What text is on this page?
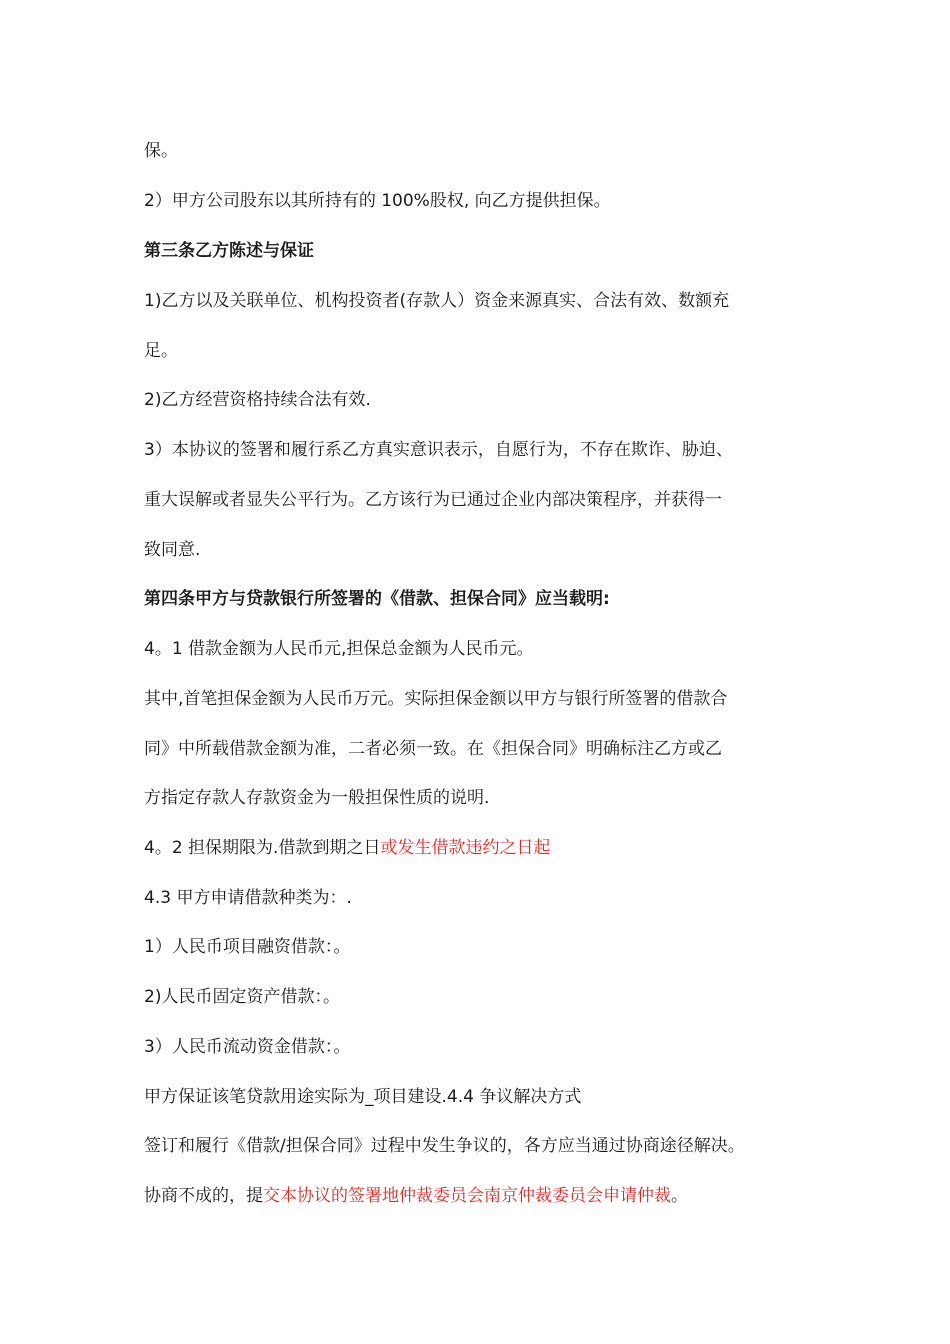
保。
2）甲方公司股东以其所持有的 100%股权, 向乙方提供担保。
第三条乙方陈述与保证
1)乙方以及关联单位、机构投资者(存款人）资金来源真实、合法有效、数额充
足。
2)乙方经营资格持续合法有效.
3）本协议的签署和履行系乙方真实意识表示，自愿行为，不存在欺诈、胁迫、
重大误解或者显失公平行为。乙方该行为已通过企业内部决策程序，并获得一
致同意.
第四条甲方与贷款银行所签署的《借款、担保合同》应当载明:
4。1 借款金额为人民币元,担保总金额为人民币元。
其中,首笔担保金额为人民币万元。实际担保金额以甲方与银行所签署的借款合
同》中所载借款金额为准，二者必须一致。在《担保合同》明确标注乙方或乙
方指定存款人存款资金为一般担保性质的说明.
4。2 担保期限为.借款到期之日或发生借款违约之日起
4.3 甲方申请借款种类为：.
1）人民币项目融资借款：。
2)人民币固定资产借款：。
3）人民币流动资金借款：。
甲方保证该笔贷款用途实际为_项目建设.4.4 争议解决方式
签订和履行《借款/担保合同》过程中发生争议的，各方应当通过协商途径解决。
协商不成的，提交本协议的签署地仲裁委员会南京仲裁委员会申请仲裁。
